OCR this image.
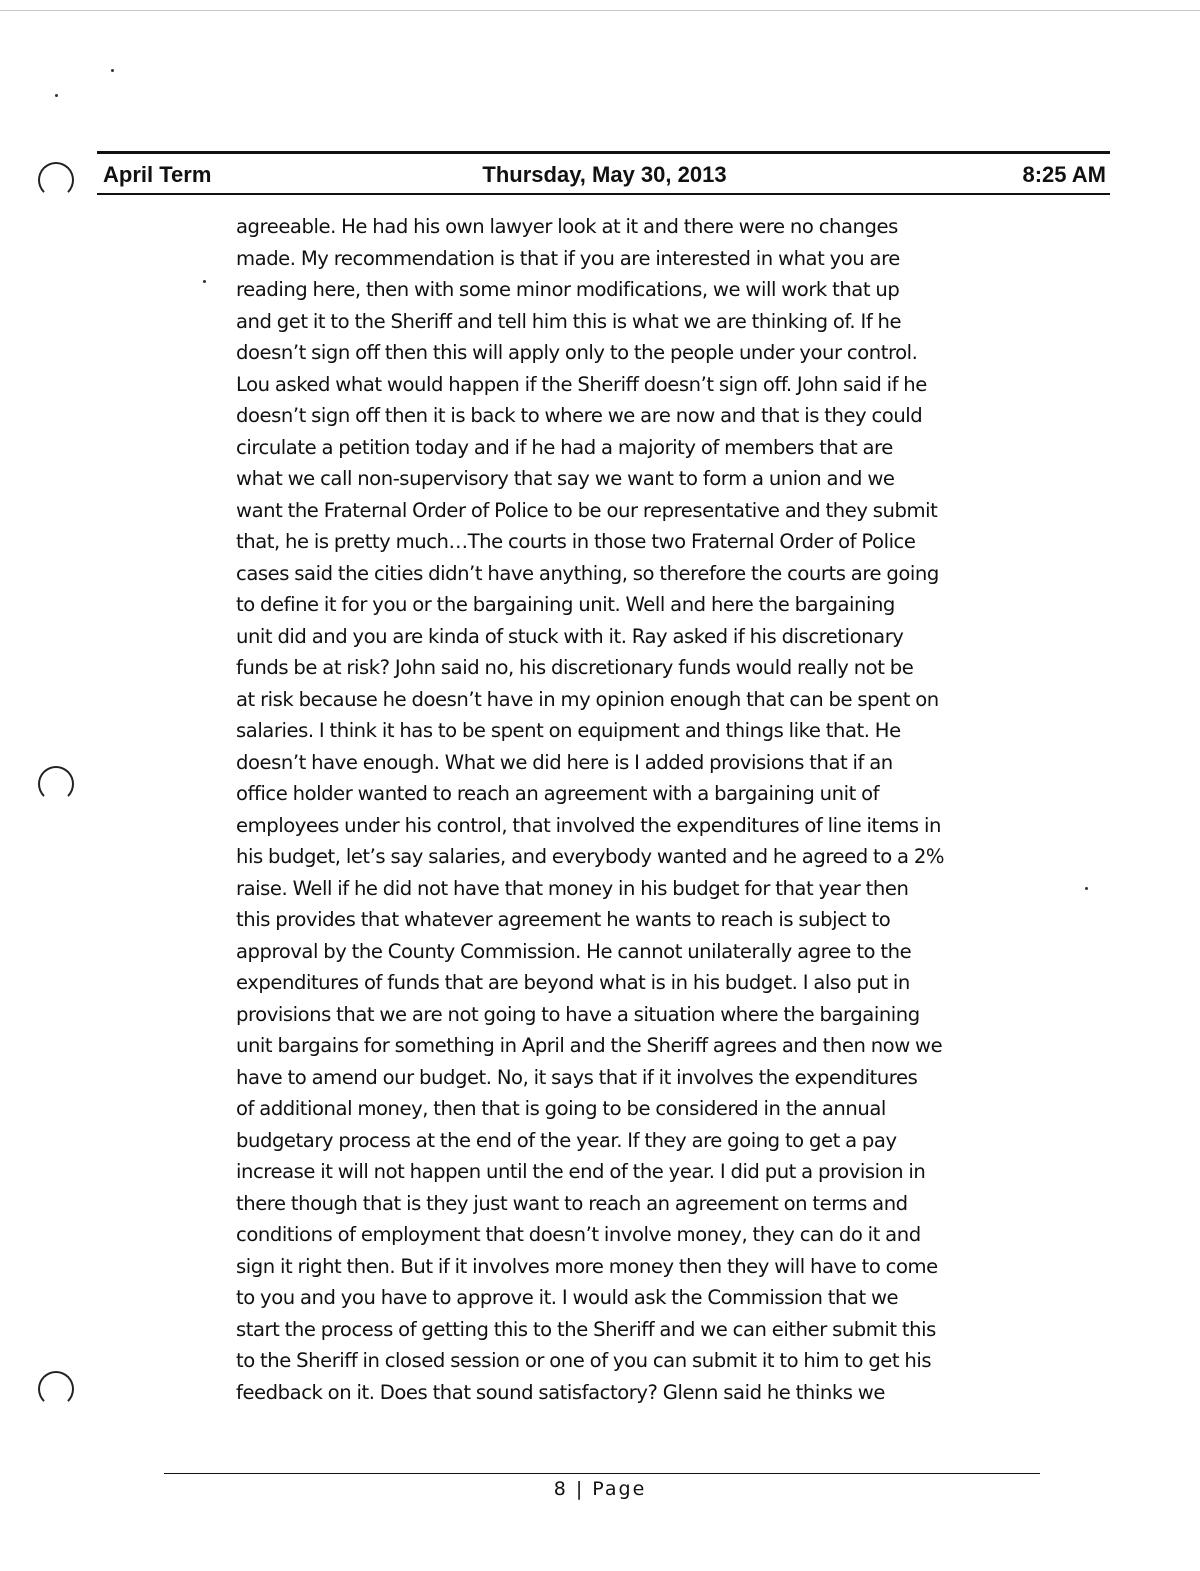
Thursday, May 30, 2013
April Term	8:25 AM
agreeable. He had his own lawyer look at it and there were no changes
made. My recommendation is that if you are interested in what you are
reading here, then with some minor modifications, we will work that up
and get it to the Sheriff and tell him this is what we are thinking of. If he
doesn’t sign off then this will apply only to the people under your control.
Lou asked what would happen if the Sheriff doesn’t sign off. John said if he
doesn’t sign off then it is back to where we are now and that is they could
circulate a petition today and if he had a majority of members that are
what we call non-supervisory that say we want to form a union and we
want the Fraternal Order of Police to be our representative and they submit
that, he is pretty much…The courts in those two Fraternal Order of Police
cases said the cities didn’t have anything, so therefore the courts are going
to define it for you or the bargaining unit. Well and here the bargaining
unit did and you are kinda of stuck with it. Ray asked if his discretionary
funds be at risk? John said no, his discretionary funds would really not be
at risk because he doesn’t have in my opinion enough that can be spent on
salaries. I think it has to be spent on equipment and things like that. He
doesn’t have enough. What we did here is I added provisions that if an
office holder wanted to reach an agreement with a bargaining unit of
employees under his control, that involved the expenditures of line items in
his budget, let’s say salaries, and everybody wanted and he agreed to a 2%
raise. Well if he did not have that money in his budget for that year then
this provides that whatever agreement he wants to reach is subject to
approval by the County Commission. He cannot unilaterally agree to the
expenditures of funds that are beyond what is in his budget. I also put in
provisions that we are not going to have a situation where the bargaining
unit bargains for something in April and the Sheriff agrees and then now we
have to amend our budget. No, it says that if it involves the expenditures
of additional money, then that is going to be considered in the annual
budgetary process at the end of the year. If they are going to get a pay
increase it will not happen until the end of the year. I did put a provision in
there though that is they just want to reach an agreement on terms and
conditions of employment that doesn’t involve money, they can do it and
sign it right then. But if it involves more money then they will have to come
to you and you have to approve it. I would ask the Commission that we
start the process of getting this to the Sheriff and we can either submit this
to the Sheriff in closed session or one of you can submit it to him to get his
feedback on it. Does that sound satisfactory? Glenn said he thinks we
8 | Page
